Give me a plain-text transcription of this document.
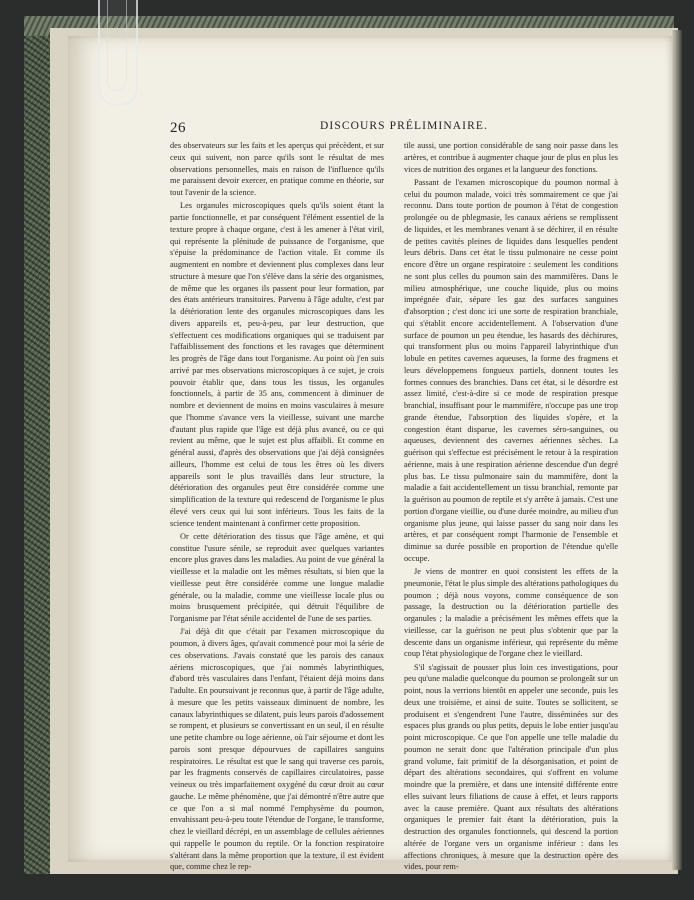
26	DISCOURS PRÉLIMINAIRE.

des observateurs sur les faits et les aperçus qui précèdent, et sur ceux qui suivent, non parce qu'ils sont le résultat de mes observations personnelles, mais en raison de l'influence qu'ils me paraissent devoir exercer, en pratique comme en théorie, sur tout l'avenir de la science.

Les organules microscopiques quels qu'ils soient étant la partie fonctionnelle, et par conséquent l'élément essentiel de la texture propre à chaque organe, c'est à les amener à l'état viril, qui représente la plénitude de puissance de l'organisme, que s'épuise la prédominance de l'action vitale. Et comme ils augmentent en nombre et deviennent plus complexes dans leur structure à mesure que l'on s'élève dans la série des organismes, de même que les organes ils passent pour leur formation, par des états antérieurs transitoires. Parvenu à l'âge adulte, c'est par la détérioration lente des organules microscopiques dans les divers appareils et, peu-à-peu, par leur destruction, que s'effectuent ces modifications organiques qui se traduisent par l'affaiblissement des fonctions et les ravages que déterminent les progrès de l'âge dans tout l'organisme. Au point où j'en suis arrivé par mes observations microscopiques à ce sujet, je crois pouvoir établir que, dans tous les tissus, les organules fonctionnels, à partir de 35 ans, commencent à diminuer de nombre et deviennent de moins en moins vasculaires à mesure que l'homme s'avance vers la vieillesse, suivant une marche d'autant plus rapide que l'âge est déjà plus avancé, ou ce qui revient au même, que le sujet est plus affaibli. Et comme en général aussi, d'après des observations que j'ai déjà consignées ailleurs, l'homme est celui de tous les êtres où les divers appareils sont le plus travaillés dans leur structure, la détérioration des organules peut être considérée comme une simplification de la texture qui redescend de l'organisme le plus élevé vers ceux qui lui sont inférieurs. Tous les faits de la science tendent maintenant à confirmer cette proposition.

Or cette détérioration des tissus que l'âge amène, et qui constitue l'usure sénile, se reproduit avec quelques variantes encore plus graves dans les maladies. Au point de vue général la vieillesse et la maladie ont les mêmes résultats, si bien que la vieillesse peut être considérée comme une longue maladie générale, ou la maladie, comme une vieillesse locale plus ou moins brusquement précipitée, qui détruit l'équilibre de l'organisme par l'état sénile accidentel de l'une de ses parties.

J'ai déjà dit que c'était par l'examen microscopique du poumon, à divers âges, qu'avait commencé pour moi la série de ces observations. J'avais constaté que les parois des canaux aériens microscopiques, que j'ai nommés labyrinthiques, d'abord très vasculaires dans l'enfant, l'étaient déjà moins dans l'adulte. En poursuivant je reconnus que, à partir de l'âge adulte, à mesure que les petits vaisseaux diminuent de nombre, les canaux labyrinthiques se dilatent, puis leurs parois d'adossement se rompent, et plusieurs se convertissant en un seul, il en résulte une petite chambre ou loge aérienne, où l'air séjourne et dont les parois sont presque dépourvues de capillaires sanguins respiratoires. Le résultat est que le sang qui traverse ces parois, par les fragments conservés de capillaires circulatoires, passe veineux ou très imparfaitement oxygéné du cœur droit au cœur gauche. Le même phénomène, que j'ai démontré n'être autre que ce que l'on a si mal nommé l'emphysème du poumon, envahissant peu-à-peu toute l'étendue de l'organe, le transforme, chez le vieillard décrépi, en un assemblage de cellules aériennes qui rappelle le poumon du reptile. Or la fonction respiratoire s'altérant dans la même proportion que la texture, il est évident que, comme chez le rep-

tile aussi, une portion considérable de sang noir passe dans les artères, et contribue à augmenter chaque jour de plus en plus les vices de nutrition des organes et la langueur des fonctions.

Passant de l'examen microscopique du poumon normal à celui du poumon malade, voici très sommairement ce que j'ai reconnu. Dans toute portion de poumon à l'état de congestion prolongée ou de phlegmasie, les canaux aériens se remplissent de liquides, et les membranes venant à se déchirer, il en résulte de petites cavités pleines de liquides dans lesquelles pendent leurs débris. Dans cet état le tissu pulmonaire ne cesse point encore d'être un organe respiratoire : seulement les conditions ne sont plus celles du poumon sain des mammifères. Dans le milieu atmosphérique, une couche liquide, plus ou moins imprégnée d'air, sépare les gaz des surfaces sanguines d'absorption ; c'est donc ici une sorte de respiration branchiale, qui s'établit encore accidentellement. A l'observation d'une surface de poumon un peu étendue, les hasards des déchirures, qui transforment plus ou moins l'appareil labyrinthique d'un lobule en petites cavernes aqueuses, la forme des fragmens et leurs développemens fongueux partiels, donnent toutes les formes connues des branchies. Dans cet état, si le désordre est assez limité, c'est-à-dire si ce mode de respiration presque branchial, insuffisant pour le mammifère, n'occupe pas une trop grande étendue, l'absorption des liquides s'opère, et la congestion étant disparue, les cavernes séro-sanguines, ou aqueuses, deviennent des cavernes aériennes sèches. La guérison qui s'effectue est précisément le retour à la respiration aérienne, mais à une respiration aérienne descendue d'un degré plus bas. Le tissu pulmonaire sain du mammifère, dont la maladie a fait accidentellement un tissu branchial, remonte par la guérison au poumon de reptile et s'y arrête à jamais. C'est une portion d'organe vieillie, ou d'une durée moindre, au milieu d'un organisme plus jeune, qui laisse passer du sang noir dans les artères, et par conséquent rompt l'harmonie de l'ensemble et diminue sa durée possible en proportion de l'étendue qu'elle occupe.

Je viens de montrer en quoi consistent les effets de la pneumonie, l'état le plus simple des altérations pathologiques du poumon ; déjà nous voyons, comme conséquence de son passage, la destruction ou la détérioration partielle des organules ; la maladie a précisément les mêmes effets que la vieillesse, car la guérison ne peut plus s'obtenir que par la descente dans un organisme inférieur, qui représente du même coup l'état physiologique de l'organe chez le vieillard.

S'il s'agissait de pousser plus loin ces investigations, pour peu qu'une maladie quelconque du poumon se prolongeât sur un point, nous la verrions bientôt en appeler une seconde, puis les deux une troisième, et ainsi de suite. Toutes se sollicitent, se produisent et s'engendrent l'une l'autre, disséminées sur des espaces plus grands ou plus petits, depuis le lobe entier jusqu'au point microscopique. Ce que l'on appelle une telle maladie du poumon ne serait donc que l'altération principale d'un plus grand volume, fait primitif de la désorganisation, et point de départ des altérations secondaires, qui s'offrent en volume moindre que la première, et dans une intensité différente entre elles suivant leurs filiations de cause à effet, et leurs rapports avec la cause première. Quant aux résultats des altérations organiques le premier fait étant la détérioration, puis la destruction des organules fonctionnels, qui descend la portion altérée de l'organe vers un organisme inférieur : dans les affections chroniques, à mesure que la destruction opère des vides, pour rem-
